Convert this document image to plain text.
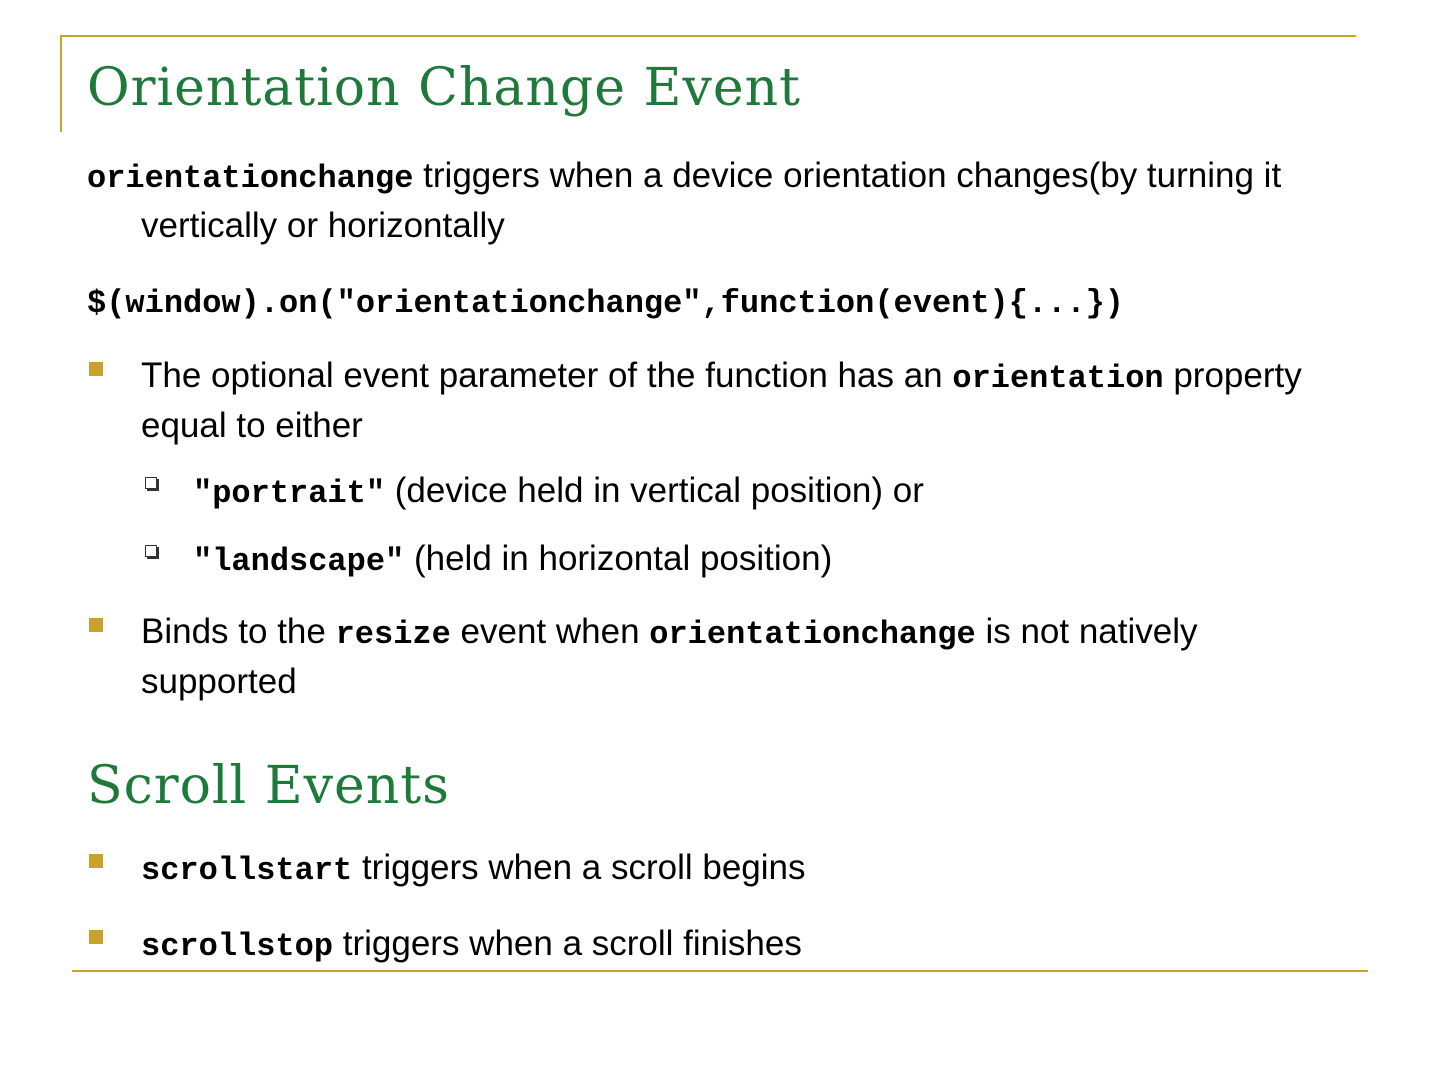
Orientation Change Event

orientationchange triggers when a device orientation changes(by turning it vertically or horizontally

$(window).on("orientationchange",function(event){...})

The optional event parameter of the function has an orientation property equal to either
"portrait" (device held in vertical position) or
"landscape" (held in horizontal position)
Binds to the resize event when orientationchange is not natively supported
Scroll Events
scrollstart triggers when a scroll begins
scrollstop triggers when a scroll finishes
